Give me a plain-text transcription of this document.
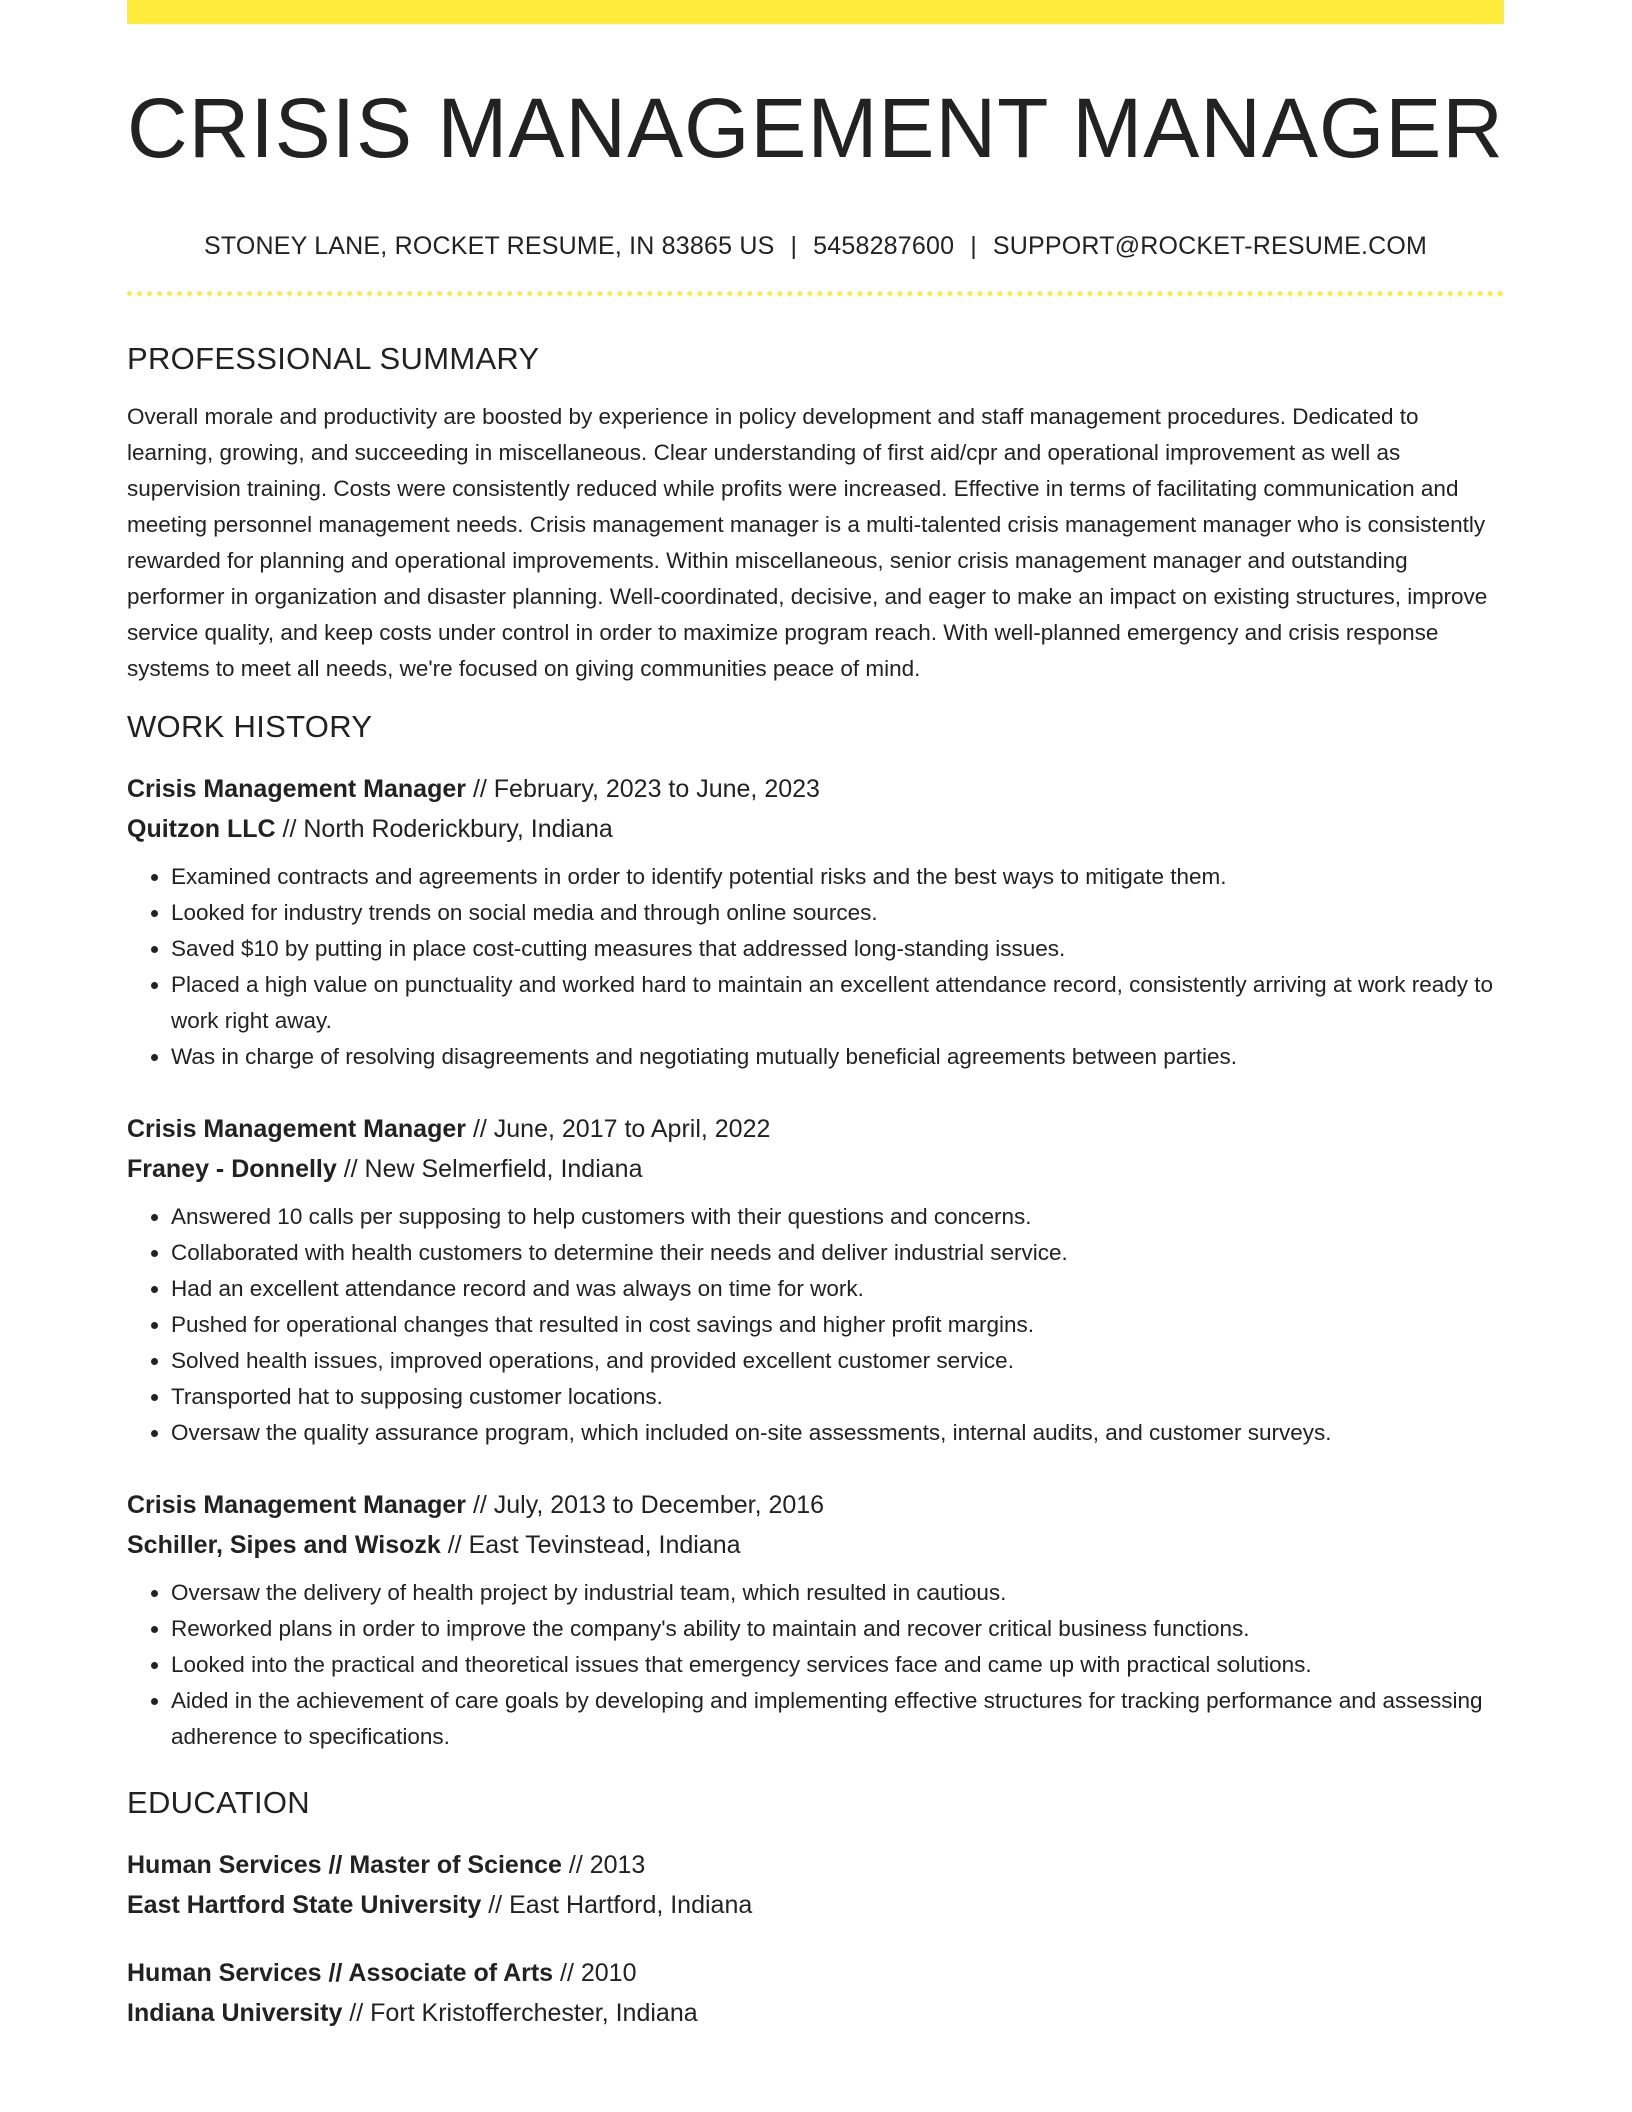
CRISIS MANAGEMENT MANAGER
STONEY LANE, ROCKET RESUME, IN 83865 US | 5458287600 | SUPPORT@ROCKET-RESUME.COM
PROFESSIONAL SUMMARY
Overall morale and productivity are boosted by experience in policy development and staff management procedures. Dedicated to learning, growing, and succeeding in miscellaneous. Clear understanding of first aid/cpr and operational improvement as well as supervision training. Costs were consistently reduced while profits were increased. Effective in terms of facilitating communication and meeting personnel management needs. Crisis management manager is a multi-talented crisis management manager who is consistently rewarded for planning and operational improvements. Within miscellaneous, senior crisis management manager and outstanding performer in organization and disaster planning. Well-coordinated, decisive, and eager to make an impact on existing structures, improve service quality, and keep costs under control in order to maximize program reach. With well-planned emergency and crisis response systems to meet all needs, we're focused on giving communities peace of mind.
WORK HISTORY
Crisis Management Manager // February, 2023 to June, 2023
Quitzon LLC // North Roderickbury, Indiana
• Examined contracts and agreements in order to identify potential risks and the best ways to mitigate them.
• Looked for industry trends on social media and through online sources.
• Saved $10 by putting in place cost-cutting measures that addressed long-standing issues.
• Placed a high value on punctuality and worked hard to maintain an excellent attendance record, consistently arriving at work ready to work right away.
• Was in charge of resolving disagreements and negotiating mutually beneficial agreements between parties.
Crisis Management Manager // June, 2017 to April, 2022
Franey - Donnelly // New Selmerfield, Indiana
• Answered 10 calls per supposing to help customers with their questions and concerns.
• Collaborated with health customers to determine their needs and deliver industrial service.
• Had an excellent attendance record and was always on time for work.
• Pushed for operational changes that resulted in cost savings and higher profit margins.
• Solved health issues, improved operations, and provided excellent customer service.
• Transported hat to supposing customer locations.
• Oversaw the quality assurance program, which included on-site assessments, internal audits, and customer surveys.
Crisis Management Manager // July, 2013 to December, 2016
Schiller, Sipes and Wisozk // East Tevinstead, Indiana
• Oversaw the delivery of health project by industrial team, which resulted in cautious.
• Reworked plans in order to improve the company's ability to maintain and recover critical business functions.
• Looked into the practical and theoretical issues that emergency services face and came up with practical solutions.
• Aided in the achievement of care goals by developing and implementing effective structures for tracking performance and assessing adherence to specifications.
EDUCATION
Human Services // Master of Science // 2013
East Hartford State University // East Hartford, Indiana
Human Services // Associate of Arts // 2010
Indiana University // Fort Kristofferchester, Indiana
